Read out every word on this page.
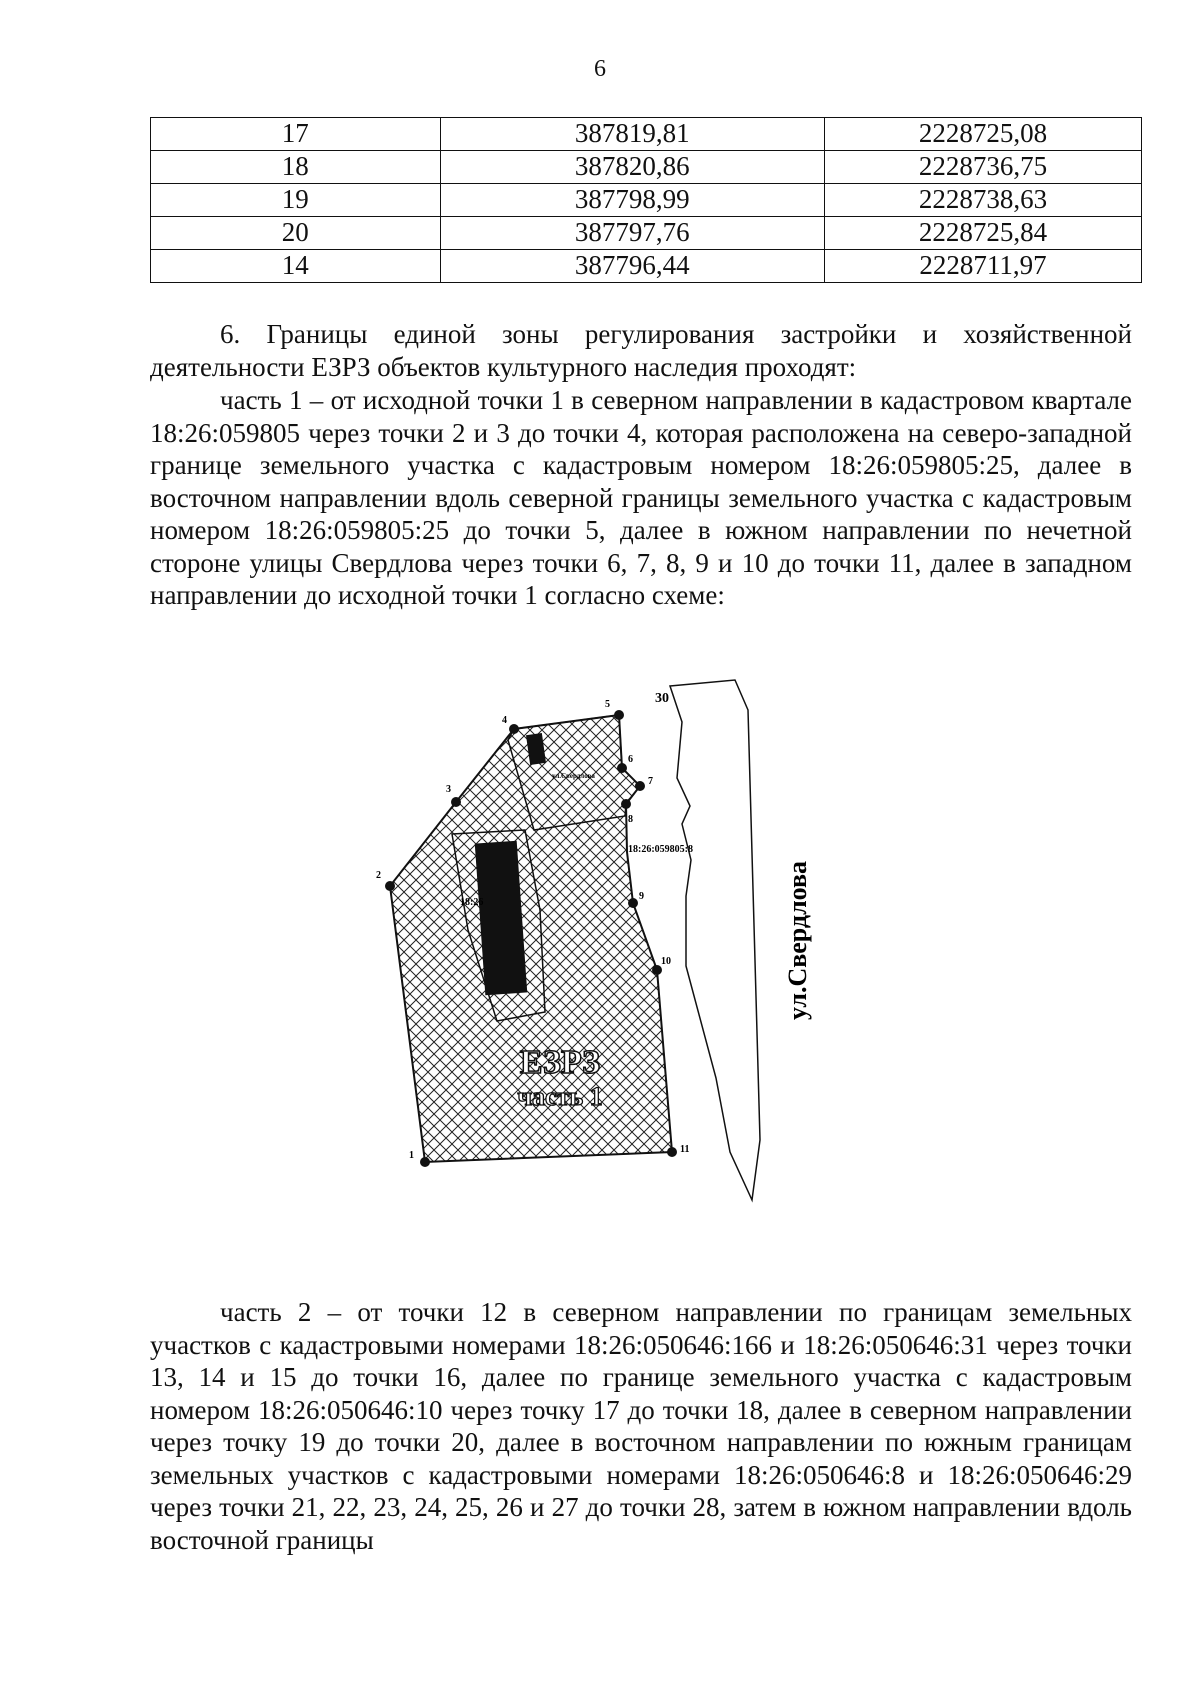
6
17	387819,81	2228725,08
18	387820,86	2228736,75
19	387798,99	2228738,63
20	387797,76	2228725,84
14	387796,44	2228711,97

6. Границы единой зоны регулирования застройки и хозяйственной деятельности ЕЗРЗ объектов культурного наследия проходят:

часть 1 – от исходной точки 1 в северном направлении в кадастровом квартале 18:26:059805 через точки 2 и 3 до точки 4, которая расположена на северо-западной границе земельного участка с кадастровым номером 18:26:059805:25, далее в восточном направлении вдоль северной границы земельного участка с кадастровым номером 18:26:059805:25 до точки 5, далее в южном направлении по нечетной стороне улицы Свердлова через точки 6, 7, 8, 9 и 10 до точки 11, далее в западном направлении до исходной точки 1 согласно схеме:

30
ул.Свердлова
18:26:059805:8
18:26
ЕЗРЗ
часть 1
ул.Свердлова
1
2
3
4
5
6
7
8
9
10
11

часть 2 – от точки 12 в северном направлении по границам земельных участков с кадастровыми номерами 18:26:050646:166 и 18:26:050646:31 через точки 13, 14 и 15 до точки 16, далее по границе земельного участка с кадастровым номером 18:26:050646:10 через точку 17 до точки 18, далее в северном направлении через точку 19 до точки 20, далее в восточном направлении по южным границам земельных участков с кадастровыми номерами 18:26:050646:8 и 18:26:050646:29 через точки 21, 22, 23, 24, 25, 26 и 27 до точки 28, затем в южном направлении вдоль восточной границы
